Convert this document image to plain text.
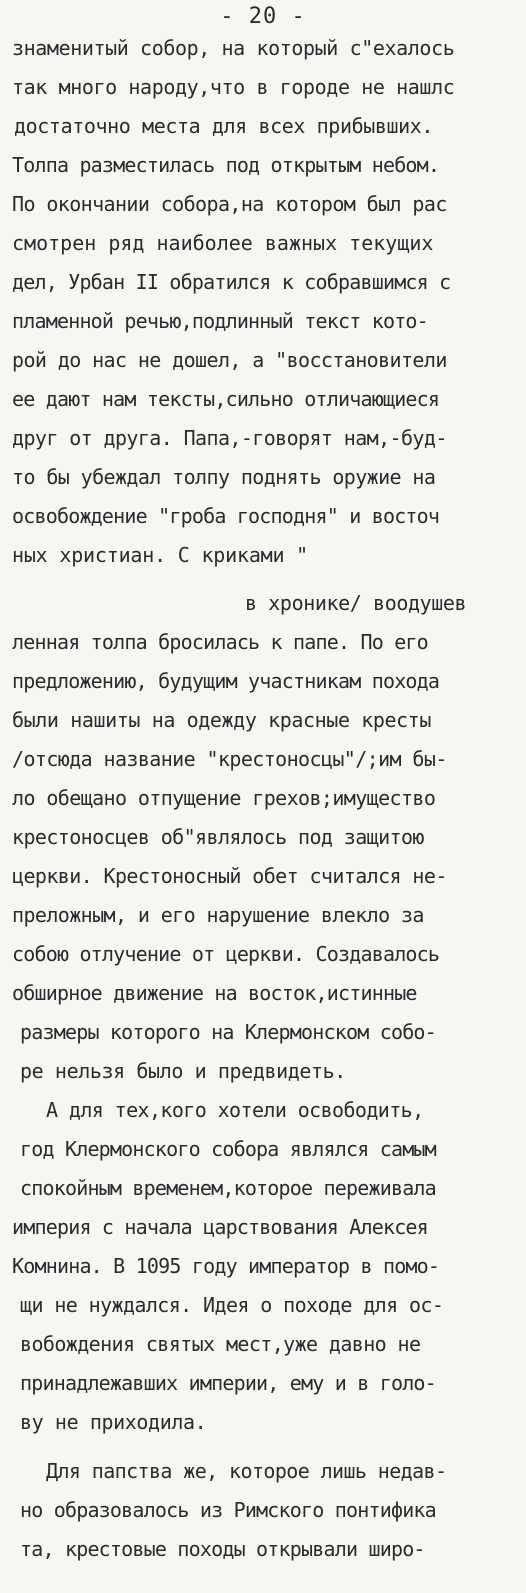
- 20 -
знаменитый собор, на который с"ехалось
так много народу,что в городе не нашлс
достаточно места для всех прибывших.
Толпа разместилась под открытым небом.
По окончании собора,на котором был рас
смотрен ряд наиболее важных текущих
дел, Урбан II обратился к собравшимся с
пламенной речью,подлинный текст кото-
рой до нас не дошел, а "восстановители
ее дают нам тексты,сильно отличающиеся
друг от друга. Папа,-говорят нам,-буд-
то бы убеждал толпу поднять оружие на
освобождение "гроба господня" и восточ
ных христиан. С криками "
в хронике/ воодушев
ленная толпа бросилась к папе. По его
предложению, будущим участникам похода
были нашиты на одежду красные кресты
/отсюда название "крестоносцы"/;им бы-
ло обещано отпущение грехов;имущество
крестоносцев об"являлось под защитою
церкви. Крестоносный обет считался не-
преложным, и его нарушение влекло за
собою отлучение от церкви. Создавалось
обширное движение на восток,истинные
размеры которого на Клермонском собо-
ре нельзя было и предвидеть.
А для тех,кого хотели освободить,
год Клермонского собора являлся самым
спокойным временем,которое переживала
империя с начала царствования Алексея
Комнина. В 1095 году император в помо-
щи не нуждался. Идея о походе для ос-
вобождения святых мест,уже давно не
принадлежавших империи, ему и в голо-
ву не приходила.
Для папства же, которое лишь недав-
но образовалось из Римского понтифика
та, крестовые походы открывали широ-
